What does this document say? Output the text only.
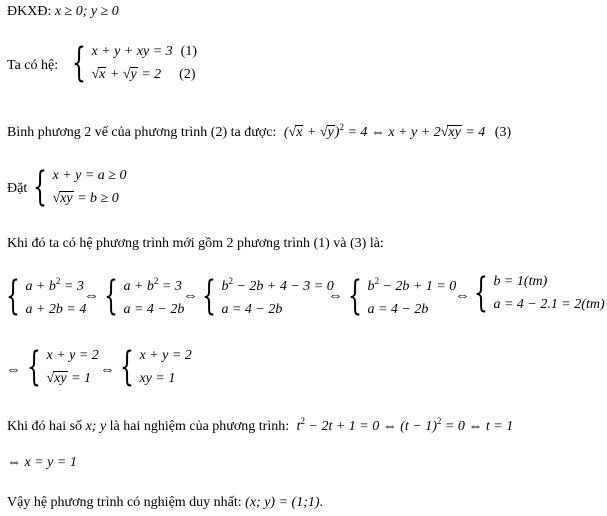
ĐKXĐ: x ≥ 0; y ≥ 0
Ta có hệ: { x + y + xy = 3 (1)
√x + √y = 2 (2)
Bình phương 2 vế của phương trình (2) ta được: $(√x + √y)^2 = 4$ ⇔ x + y + 2√xy = 4 (3)
Đặt { x + y = a ≥ 0
√xy = b ≥ 0
Khi đó ta có hệ phương trình mới gồm 2 phương trình (1) và (3) là:
{ $a + b^2 = 3$
a + 2b = 4
⇔ { $a + b^2 = 3$
a = 4 − 2b
⇔ { $b^2 - 2b + 4 - 3 = 0$
a = 4 − 2b
⇔ { $b^2 - 2b + 1 = 0$
a = 4 − 2b
⇔ { b = 1(tm)
a = 4 − 2.1 = 2(tm)
⇔ { x + y = 2
√xy = 1
⇔ { x + y = 2
xy = 1
Khi đó hai số x; y là hai nghiệm của phương trình: $t^2 - 2t + 1 = 0$ ⇔ $(t - 1)^2 = 0$ ⇔ t = 1
⇔ x = y = 1
Vậy hệ phương trình có nghiệm duy nhất: (x; y) = (1;1).
